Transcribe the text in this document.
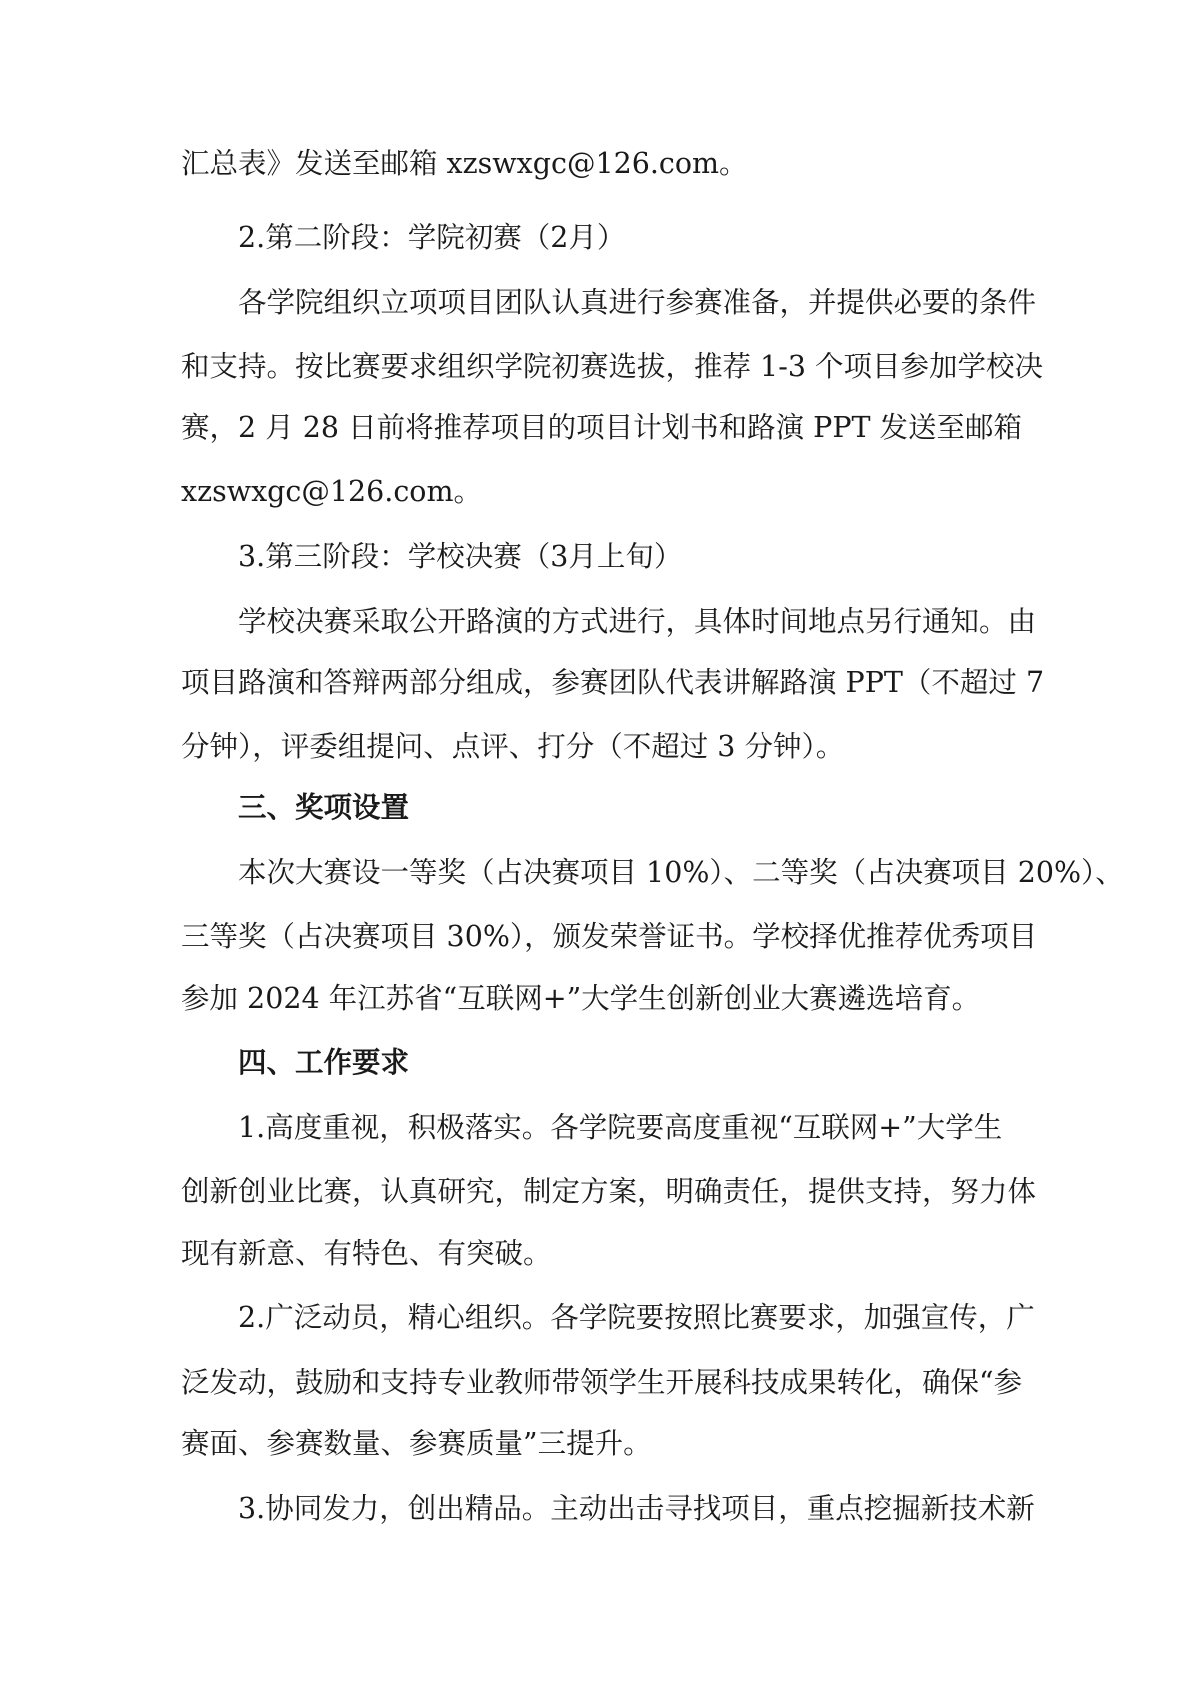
汇总表》发送至邮箱 xzswxgc@126.com。
2.第二阶段：学院初赛（2月）
各学院组织立项项目团队认真进行参赛准备，并提供必要的条件
和支持。按比赛要求组织学院初赛选拔，推荐 1-3 个项目参加学校决
赛，2 月 28 日前将推荐项目的项目计划书和路演 PPT 发送至邮箱
xzswxgc@126.com。
3.第三阶段：学校决赛（3月上旬）
学校决赛采取公开路演的方式进行，具体时间地点另行通知。由
项目路演和答辩两部分组成，参赛团队代表讲解路演 PPT（不超过 7
分钟），评委组提问、点评、打分（不超过 3 分钟）。
三、奖项设置
本次大赛设一等奖（占决赛项目 10%）、二等奖（占决赛项目 20%）、
三等奖（占决赛项目 30%），颁发荣誉证书。学校择优推荐优秀项目
参加 2024 年江苏省“互联网+”大学生创新创业大赛遴选培育。
四、工作要求
1.高度重视，积极落实。各学院要高度重视“互联网+”大学生
创新创业比赛，认真研究，制定方案，明确责任，提供支持，努力体
现有新意、有特色、有突破。
2.广泛动员，精心组织。各学院要按照比赛要求，加强宣传，广
泛发动，鼓励和支持专业教师带领学生开展科技成果转化，确保“参
赛面、参赛数量、参赛质量”三提升。
3.协同发力，创出精品。主动出击寻找项目，重点挖掘新技术新
